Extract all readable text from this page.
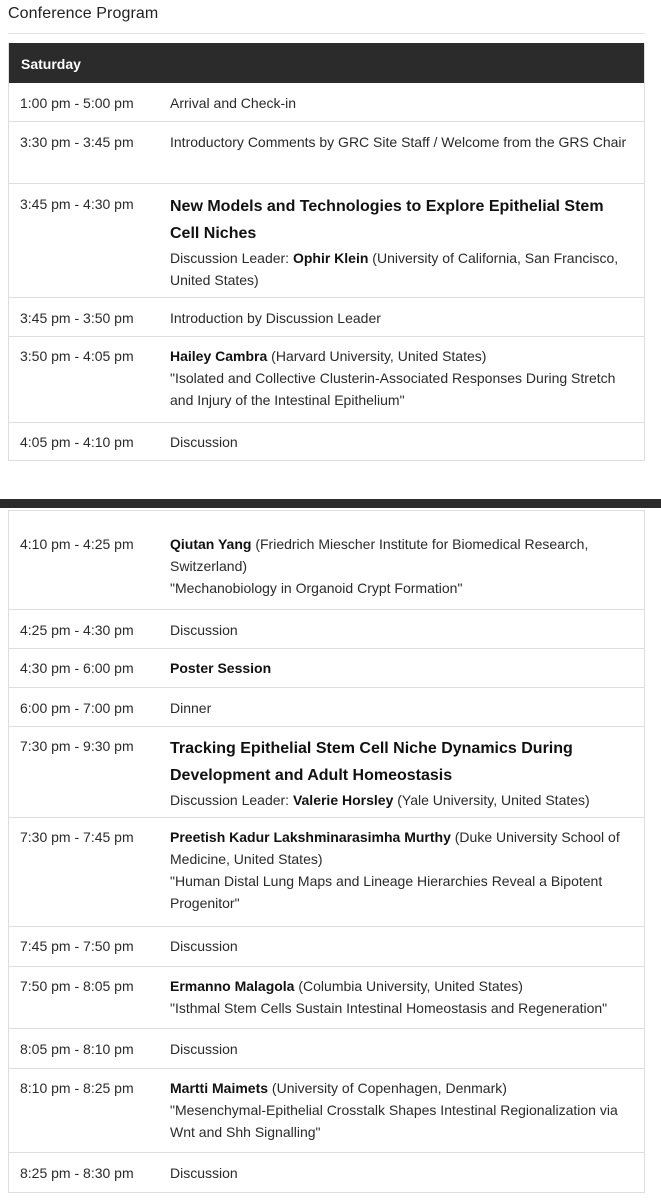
Conference Program
Saturday
1:00 pm - 5:00 pm	Arrival and Check-in
3:30 pm - 3:45 pm	Introductory Comments by GRC Site Staff / Welcome from the GRS Chair
3:45 pm - 4:30 pm	New Models and Technologies to Explore Epithelial Stem Cell Niches
Discussion Leader: Ophir Klein (University of California, San Francisco, United States)
3:45 pm - 3:50 pm	Introduction by Discussion Leader
3:50 pm - 4:05 pm	Hailey Cambra (Harvard University, United States)
"Isolated and Collective Clusterin-Associated Responses During Stretch and Injury of the Intestinal Epithelium"
4:05 pm - 4:10 pm	Discussion
4:10 pm - 4:25 pm	Qiutan Yang (Friedrich Miescher Institute for Biomedical Research, Switzerland)
"Mechanobiology in Organoid Crypt Formation"
4:25 pm - 4:30 pm	Discussion
4:30 pm - 6:00 pm	Poster Session
6:00 pm - 7:00 pm	Dinner
7:30 pm - 9:30 pm	Tracking Epithelial Stem Cell Niche Dynamics During Development and Adult Homeostasis
Discussion Leader: Valerie Horsley (Yale University, United States)
7:30 pm - 7:45 pm	Preetish Kadur Lakshminarasimha Murthy (Duke University School of Medicine, United States)
"Human Distal Lung Maps and Lineage Hierarchies Reveal a Bipotent Progenitor"
7:45 pm - 7:50 pm	Discussion
7:50 pm - 8:05 pm	Ermanno Malagola (Columbia University, United States)
"Isthmal Stem Cells Sustain Intestinal Homeostasis and Regeneration"
8:05 pm - 8:10 pm	Discussion
8:10 pm - 8:25 pm	Martti Maimets (University of Copenhagen, Denmark)
"Mesenchymal-Epithelial Crosstalk Shapes Intestinal Regionalization via Wnt and Shh Signalling"
8:25 pm - 8:30 pm	Discussion
